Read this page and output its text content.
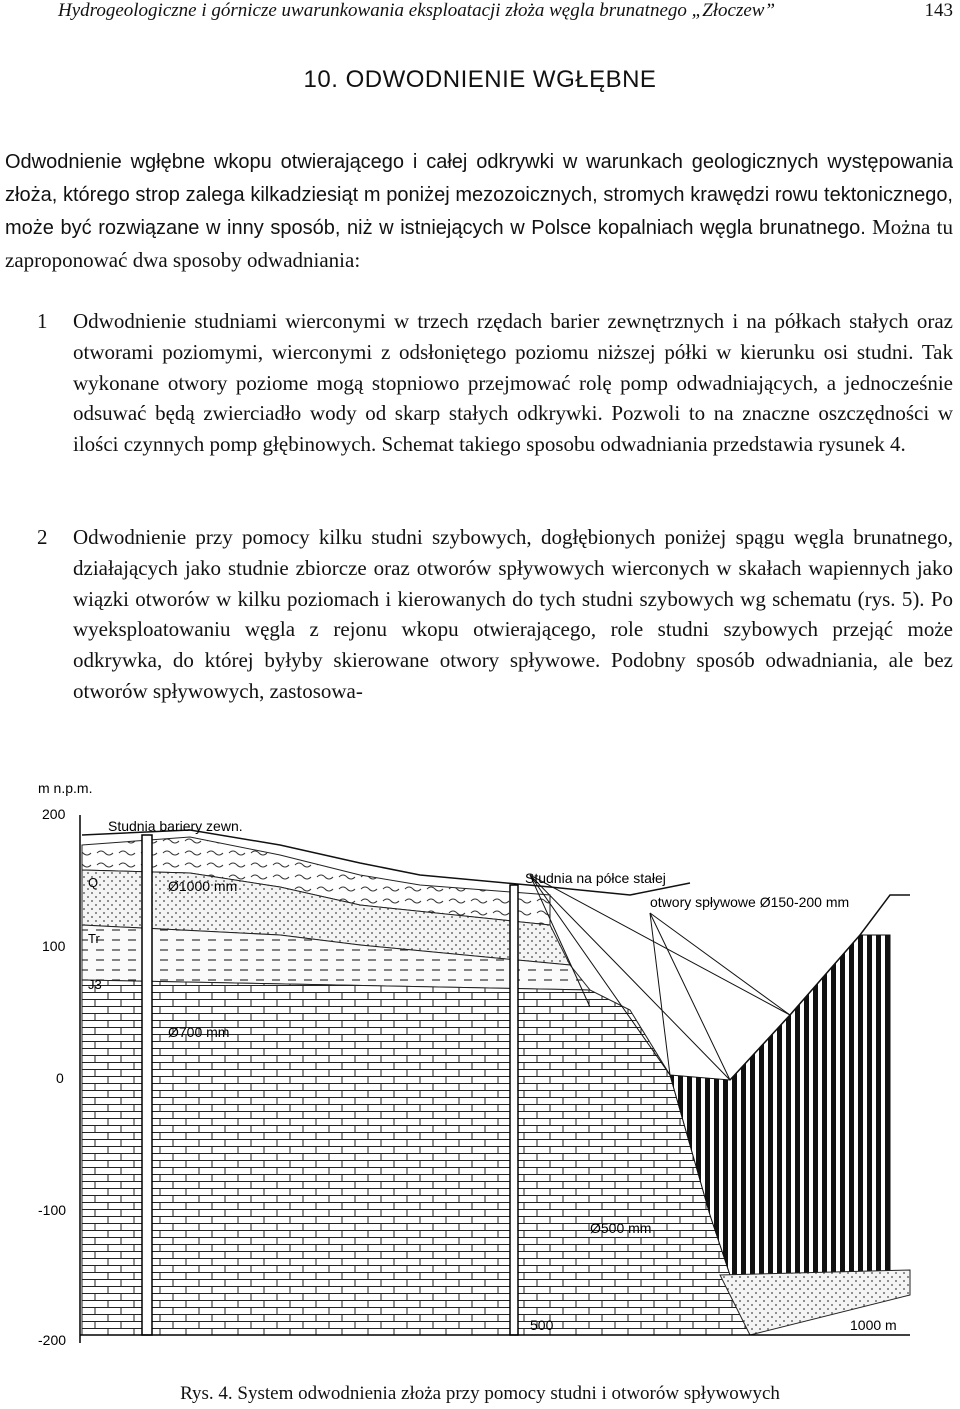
Hydrogeologiczne i górnicze uwarunkowania eksploatacji złoża węgla brunatnego „Złoczew”	143
10. ODWODNIENIE WGŁĘBNE
Odwodnienie wgłębne wkopu otwierającego i całej odkrywki w warunkach geologicznych występowania złoża, którego strop zalega kilkadziesiąt m poniżej mezozoicznych, stromych krawędzi rowu tektonicznego, może być rozwiązane w inny sposób, niż w istniejących w Polsce kopalniach węgla brunatnego. Można tu zaproponować dwa sposoby odwadniania:
1 Odwodnienie studniami wierconymi w trzech rzędach barier zewnętrznych i na półkach stałych oraz otworami poziomymi, wierconymi z odsłoniętego poziomu niższej półki w kierunku osi studni. Tak wykonane otwory poziome mogą stopniowo przejmować rolę pomp odwadniających, a jednocześnie odsuwać będą zwierciadło wody od skarp stałych odkrywki. Pozwoli to na znaczne oszczędności w ilości czynnych pomp głębinowych. Schemat takiego sposobu odwadniania przedstawia rysunek 4.
2 Odwodnienie przy pomocy kilku studni szybowych, dogłębionych poniżej spągu węgla brunatnego, działających jako studnie zbiorcze oraz otworów spływowych wierconych w skałach wapiennych jako wiązki otworów w kilku poziomach i kierowanych do tych studni szybowych wg schematu (rys. 5). Po wyeksploatowaniu węgla z rejonu wkopu otwierającego, role studni szybowych przejąć może odkrywka, do której byłyby skierowane otwory spływowe. Podobny sposób odwadniania, ale bez otworów spływowych, zastosowa-
m n.p.m.
200
100
0
-100
-200
Studnia bariery zewn.
Studnia na półce stałej
otwory spływowe Ø150-200 mm
Ø1000 mm
Ø700 mm
Ø500 mm
Q
Tr
J3
500	1000 m
Rys. 4. System odwodnienia złoża przy pomocy studni i otworów spływowych
